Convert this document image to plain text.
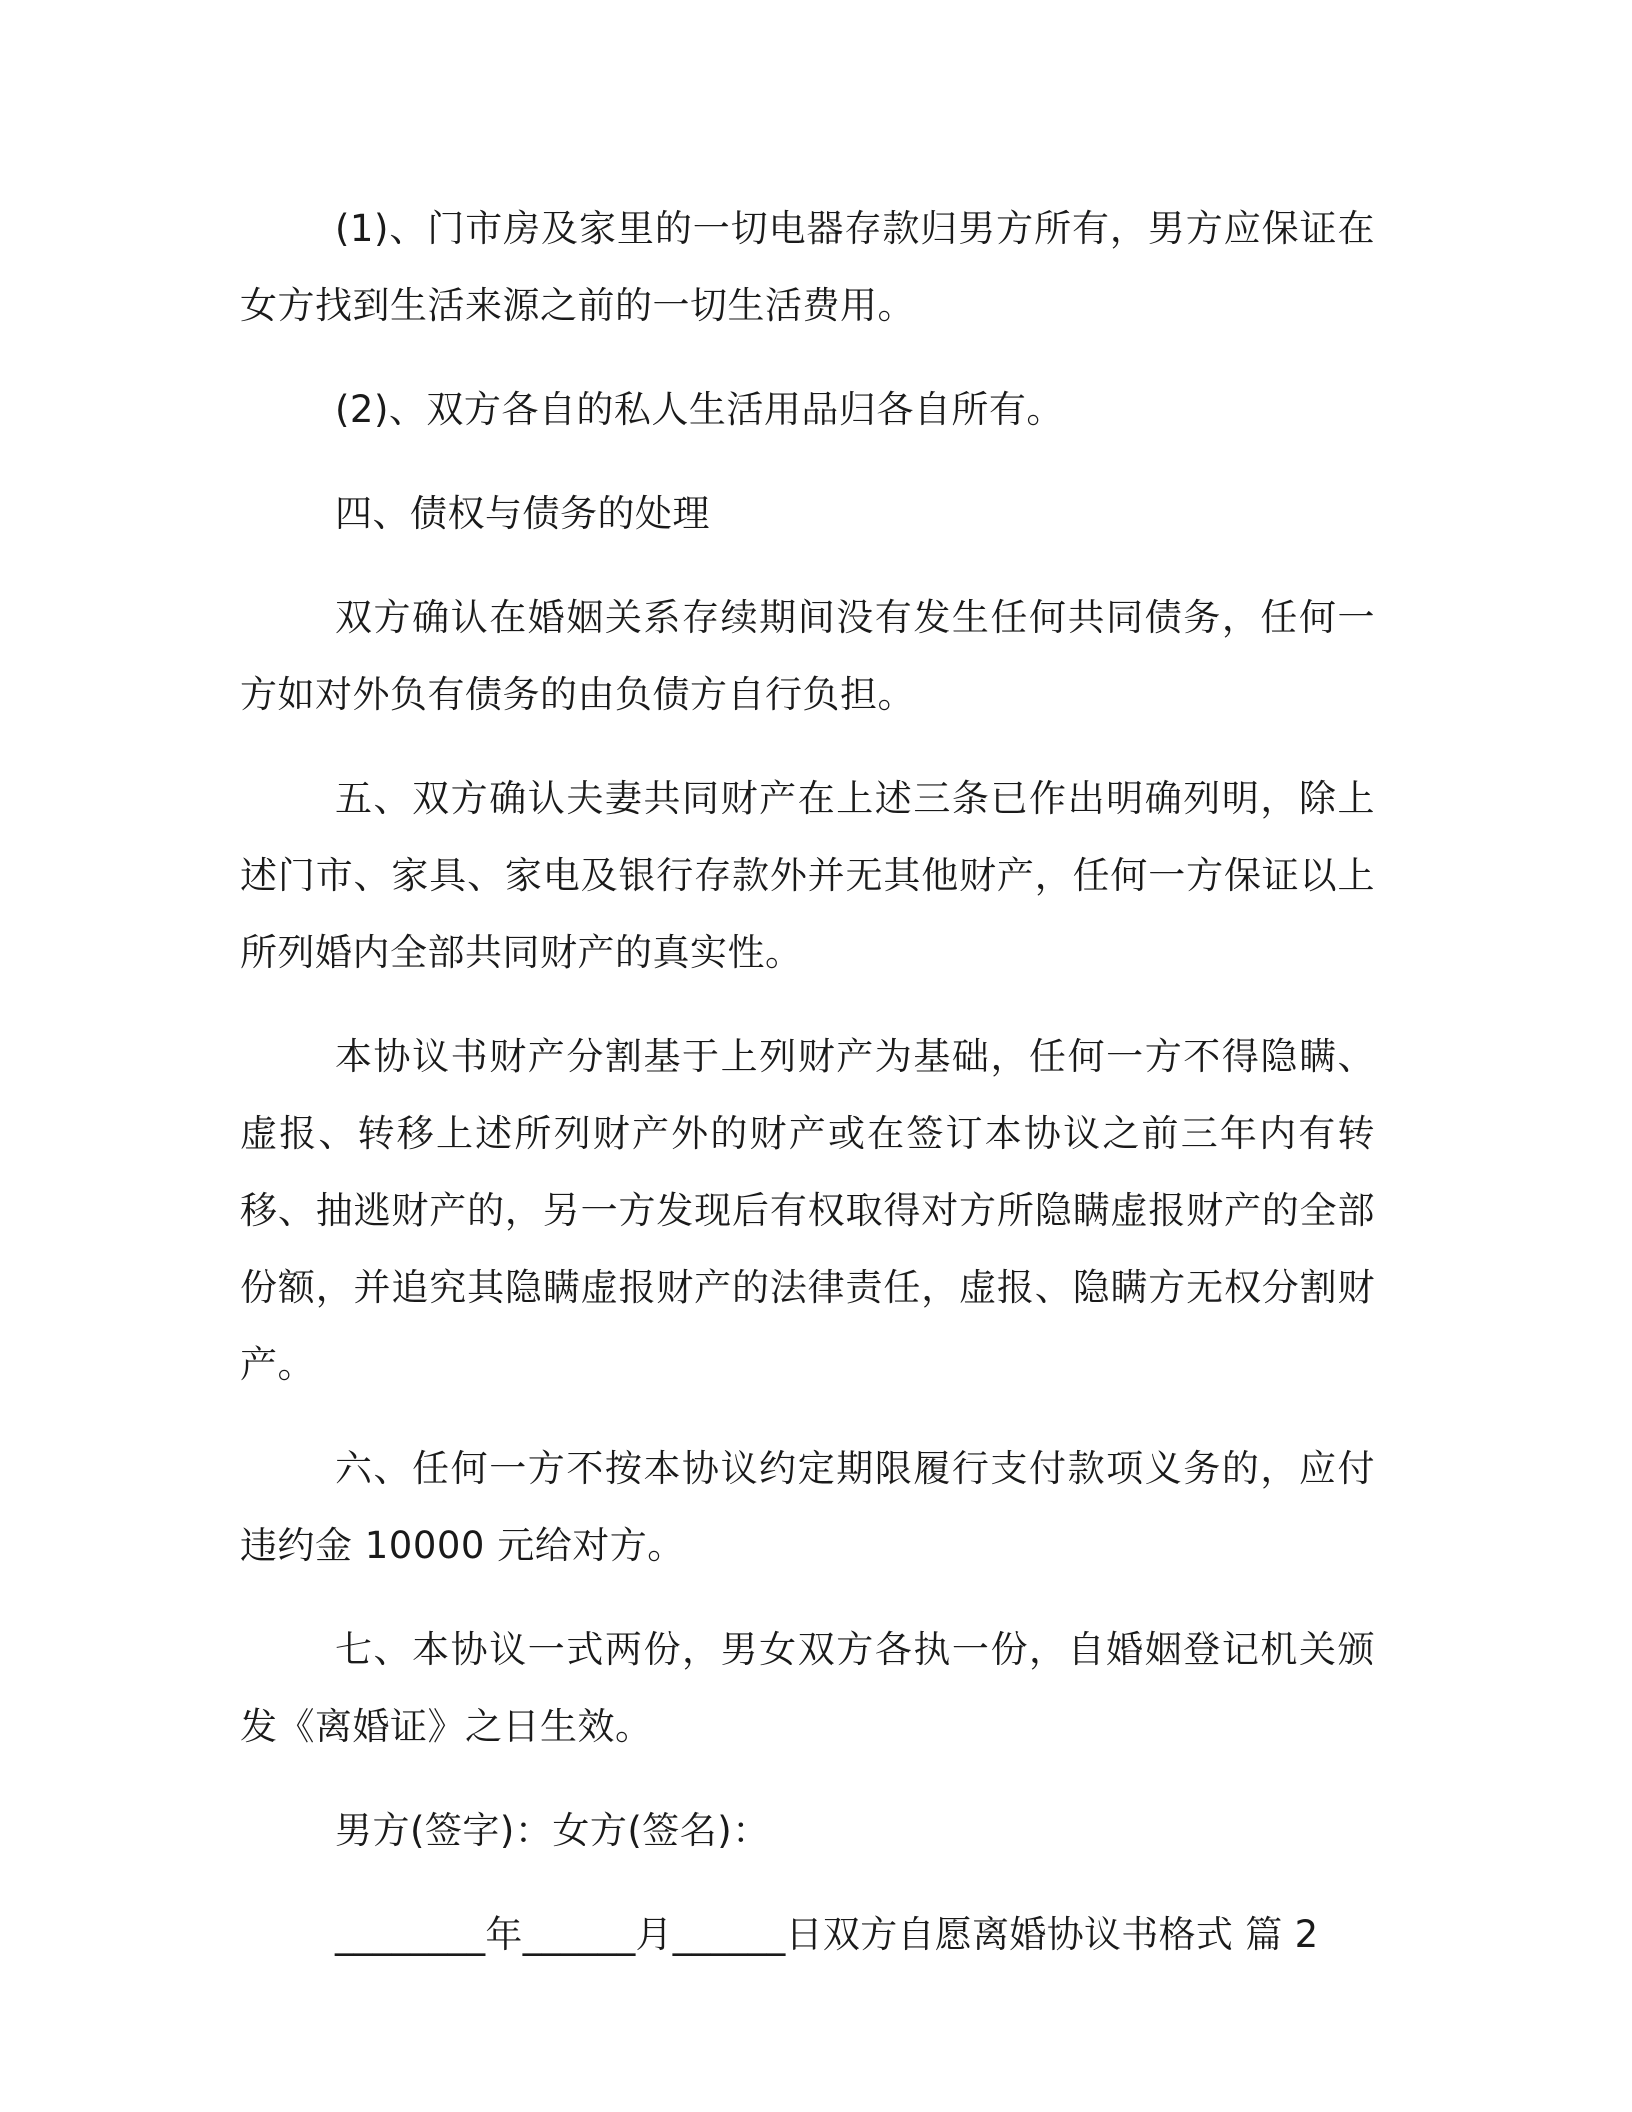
(1)、门市房及家里的一切电器存款归男方所有，男方应保证在女方找到生活来源之前的一切生活费用。

(2)、双方各自的私人生活用品归各自所有。

四、债权与债务的处理

双方确认在婚姻关系存续期间没有发生任何共同债务，任何一方如对外负有债务的由负债方自行负担。

五、双方确认夫妻共同财产在上述三条已作出明确列明，除上述门市、家具、家电及银行存款外并无其他财产，任何一方保证以上所列婚内全部共同财产的真实性。

本协议书财产分割基于上列财产为基础，任何一方不得隐瞒、虚报、转移上述所列财产外的财产或在签订本协议之前三年内有转移、抽逃财产的，另一方发现后有权取得对方所隐瞒虚报财产的全部份额，并追究其隐瞒虚报财产的法律责任，虚报、隐瞒方无权分割财产。

六、任何一方不按本协议约定期限履行支付款项义务的，应付违约金 10000 元给对方。

七、本协议一式两份，男女双方各执一份，自婚姻登记机关颁发《离婚证》之日生效。

男方(签字)：女方(签名)：

________年______月______日双方自愿离婚协议书格式 篇 2
